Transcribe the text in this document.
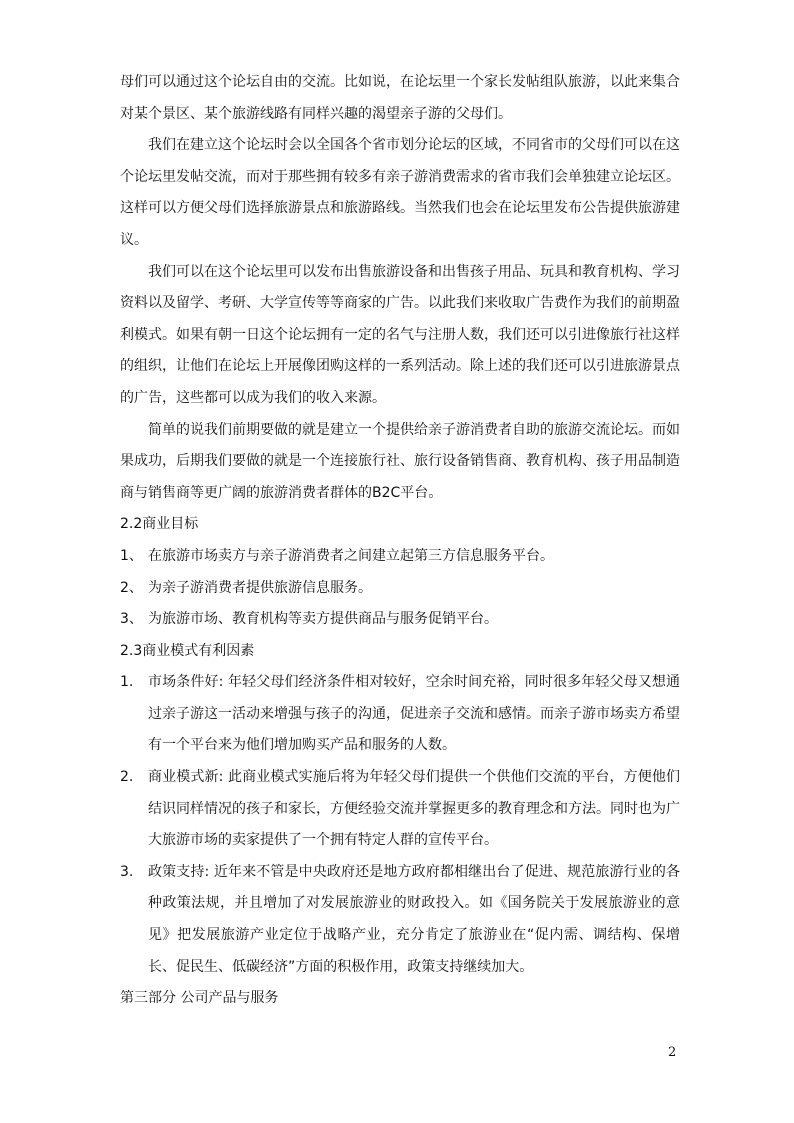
母们可以通过这个论坛自由的交流。比如说，在论坛里一个家长发帖组队旅游，以此来集合对某个景区、某个旅游线路有同样兴趣的渴望亲子游的父母们。

我们在建立这个论坛时会以全国各个省市划分论坛的区域，不同省市的父母们可以在这个论坛里发帖交流，而对于那些拥有较多有亲子游消费需求的省市我们会单独建立论坛区。这样可以方便父母们选择旅游景点和旅游路线。当然我们也会在论坛里发布公告提供旅游建议。

我们可以在这个论坛里可以发布出售旅游设备和出售孩子用品、玩具和教育机构、学习资料以及留学、考研、大学宣传等等商家的广告。以此我们来收取广告费作为我们的前期盈利模式。如果有朝一日这个论坛拥有一定的名气与注册人数，我们还可以引进像旅行社这样的组织，让他们在论坛上开展像团购这样的一系列活动。除上述的我们还可以引进旅游景点的广告，这些都可以成为我们的收入来源。

简单的说我们前期要做的就是建立一个提供给亲子游消费者自助的旅游交流论坛。而如果成功，后期我们要做的就是一个连接旅行社、旅行设备销售商、教育机构、孩子用品制造商与销售商等更广阔的旅游消费者群体的B2C平台。

2.2商业目标

1、 在旅游市场卖方与亲子游消费者之间建立起第三方信息服务平台。
2、 为亲子游消费者提供旅游信息服务。
3、 为旅游市场、教育机构等卖方提供商品与服务促销平台。

2.3商业模式有利因素

1. 市场条件好: 年轻父母们经济条件相对较好，空余时间充裕，同时很多年轻父母又想通过亲子游这一活动来增强与孩子的沟通，促进亲子交流和感情。而亲子游市场卖方希望有一个平台来为他们增加购买产品和服务的人数。
2. 商业模式新: 此商业模式实施后将为年轻父母们提供一个供他们交流的平台，方便他们结识同样情况的孩子和家长，方便经验交流并掌握更多的教育理念和方法。同时也为广大旅游市场的卖家提供了一个拥有特定人群的宣传平台。
3. 政策支持: 近年来不管是中央政府还是地方政府都相继出台了促进、规范旅游行业的各种政策法规，并且增加了对发展旅游业的财政投入。如《国务院关于发展旅游业的意见》把发展旅游产业定位于战略产业，充分肯定了旅游业在“促内需、调结构、保增长、促民生、低碳经济”方面的积极作用，政策支持继续加大。

第三部分 公司产品与服务

2
